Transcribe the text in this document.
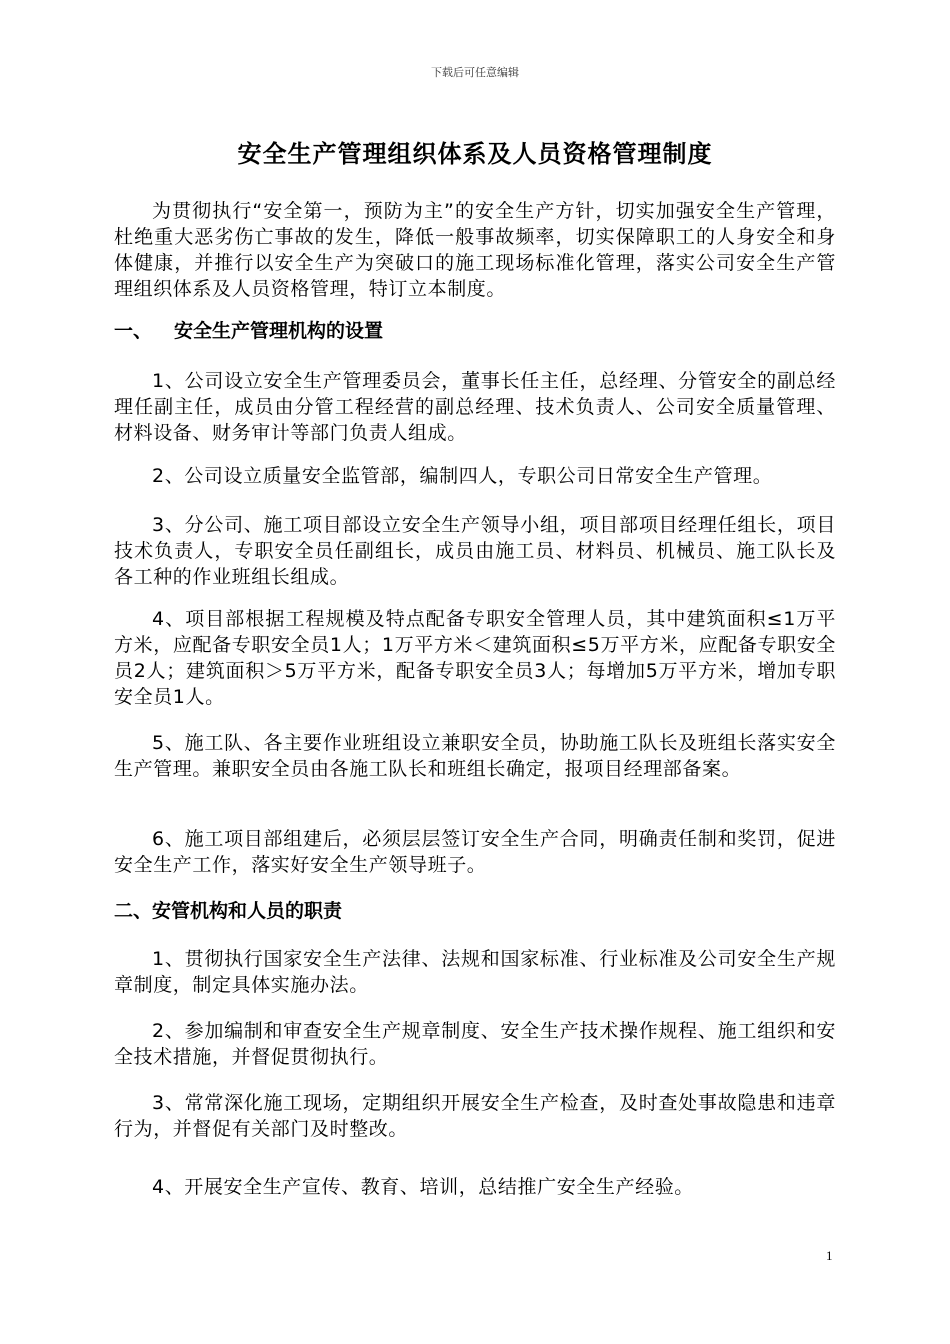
下载后可任意编辑
安全生产管理组织体系及人员资格管理制度

为贯彻执行“安全第一，预防为主”的安全生产方针，切实加强安全生产管理，杜绝重大恶劣伤亡事故的发生，降低一般事故频率，切实保障职工的人身安全和身体健康，并推行以安全生产为突破口的施工现场标准化管理，落实公司安全生产管理组织体系及人员资格管理，特订立本制度。

一、 安全生产管理机构的设置

1、公司设立安全生产管理委员会，董事长任主任，总经理、分管安全的副总经理任副主任，成员由分管工程经营的副总经理、技术负责人、公司安全质量管理、材料设备、财务审计等部门负责人组成。

2、公司设立质量安全监管部，编制四人，专职公司日常安全生产管理。

3、分公司、施工项目部设立安全生产领导小组，项目部项目经理任组长，项目技术负责人，专职安全员任副组长，成员由施工员、材料员、机械员、施工队长及各工种的作业班组长组成。

4、项目部根据工程规模及特点配备专职安全管理人员，其中建筑面积≤1万平方米，应配备专职安全员1人；1万平方米＜建筑面积≤5万平方米，应配备专职安全员2人；建筑面积＞5万平方米，配备专职安全员3人；每增加5万平方米，增加专职安全员1人。

5、施工队、各主要作业班组设立兼职安全员，协助施工队长及班组长落实安全生产管理。兼职安全员由各施工队长和班组长确定，报项目经理部备案。

6、施工项目部组建后，必须层层签订安全生产合同，明确责任制和奖罚，促进安全生产工作，落实好安全生产领导班子。

二、安管机构和人员的职责

1、贯彻执行国家安全生产法律、法规和国家标准、行业标准及公司安全生产规章制度，制定具体实施办法。

2、参加编制和审查安全生产规章制度、安全生产技术操作规程、施工组织和安全技术措施，并督促贯彻执行。

3、常常深化施工现场，定期组织开展安全生产检查，及时查处事故隐患和违章行为，并督促有关部门及时整改。

4、开展安全生产宣传、教育、培训，总结推广安全生产经验。

1
